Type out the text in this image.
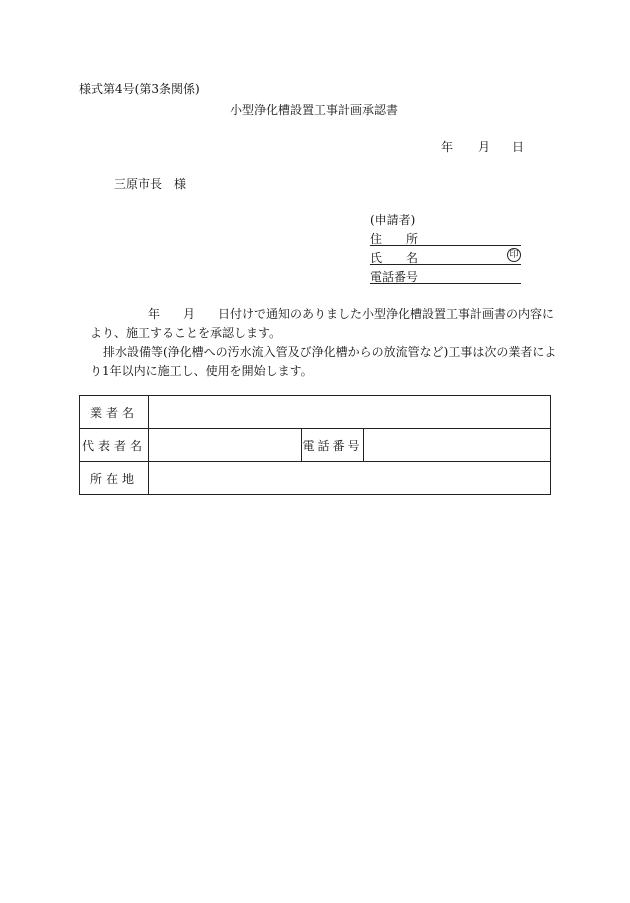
様式第4号(第3条関係)
小型浄化槽設置工事計画承認書
年 月 日
三原市長　様
(申請者)
住　　所
氏　　名	印
電話番号
年 月 日付けで通知のありました小型浄化槽設置工事計画書の内容に
より、施工することを承認します。
排水設備等(浄化槽への汚水流入管及び浄化槽からの放流管など)工事は次の業者によ
り1年以内に施工し、使用を開始します。
業者名			
代表者名		電話番号	
所在地			
